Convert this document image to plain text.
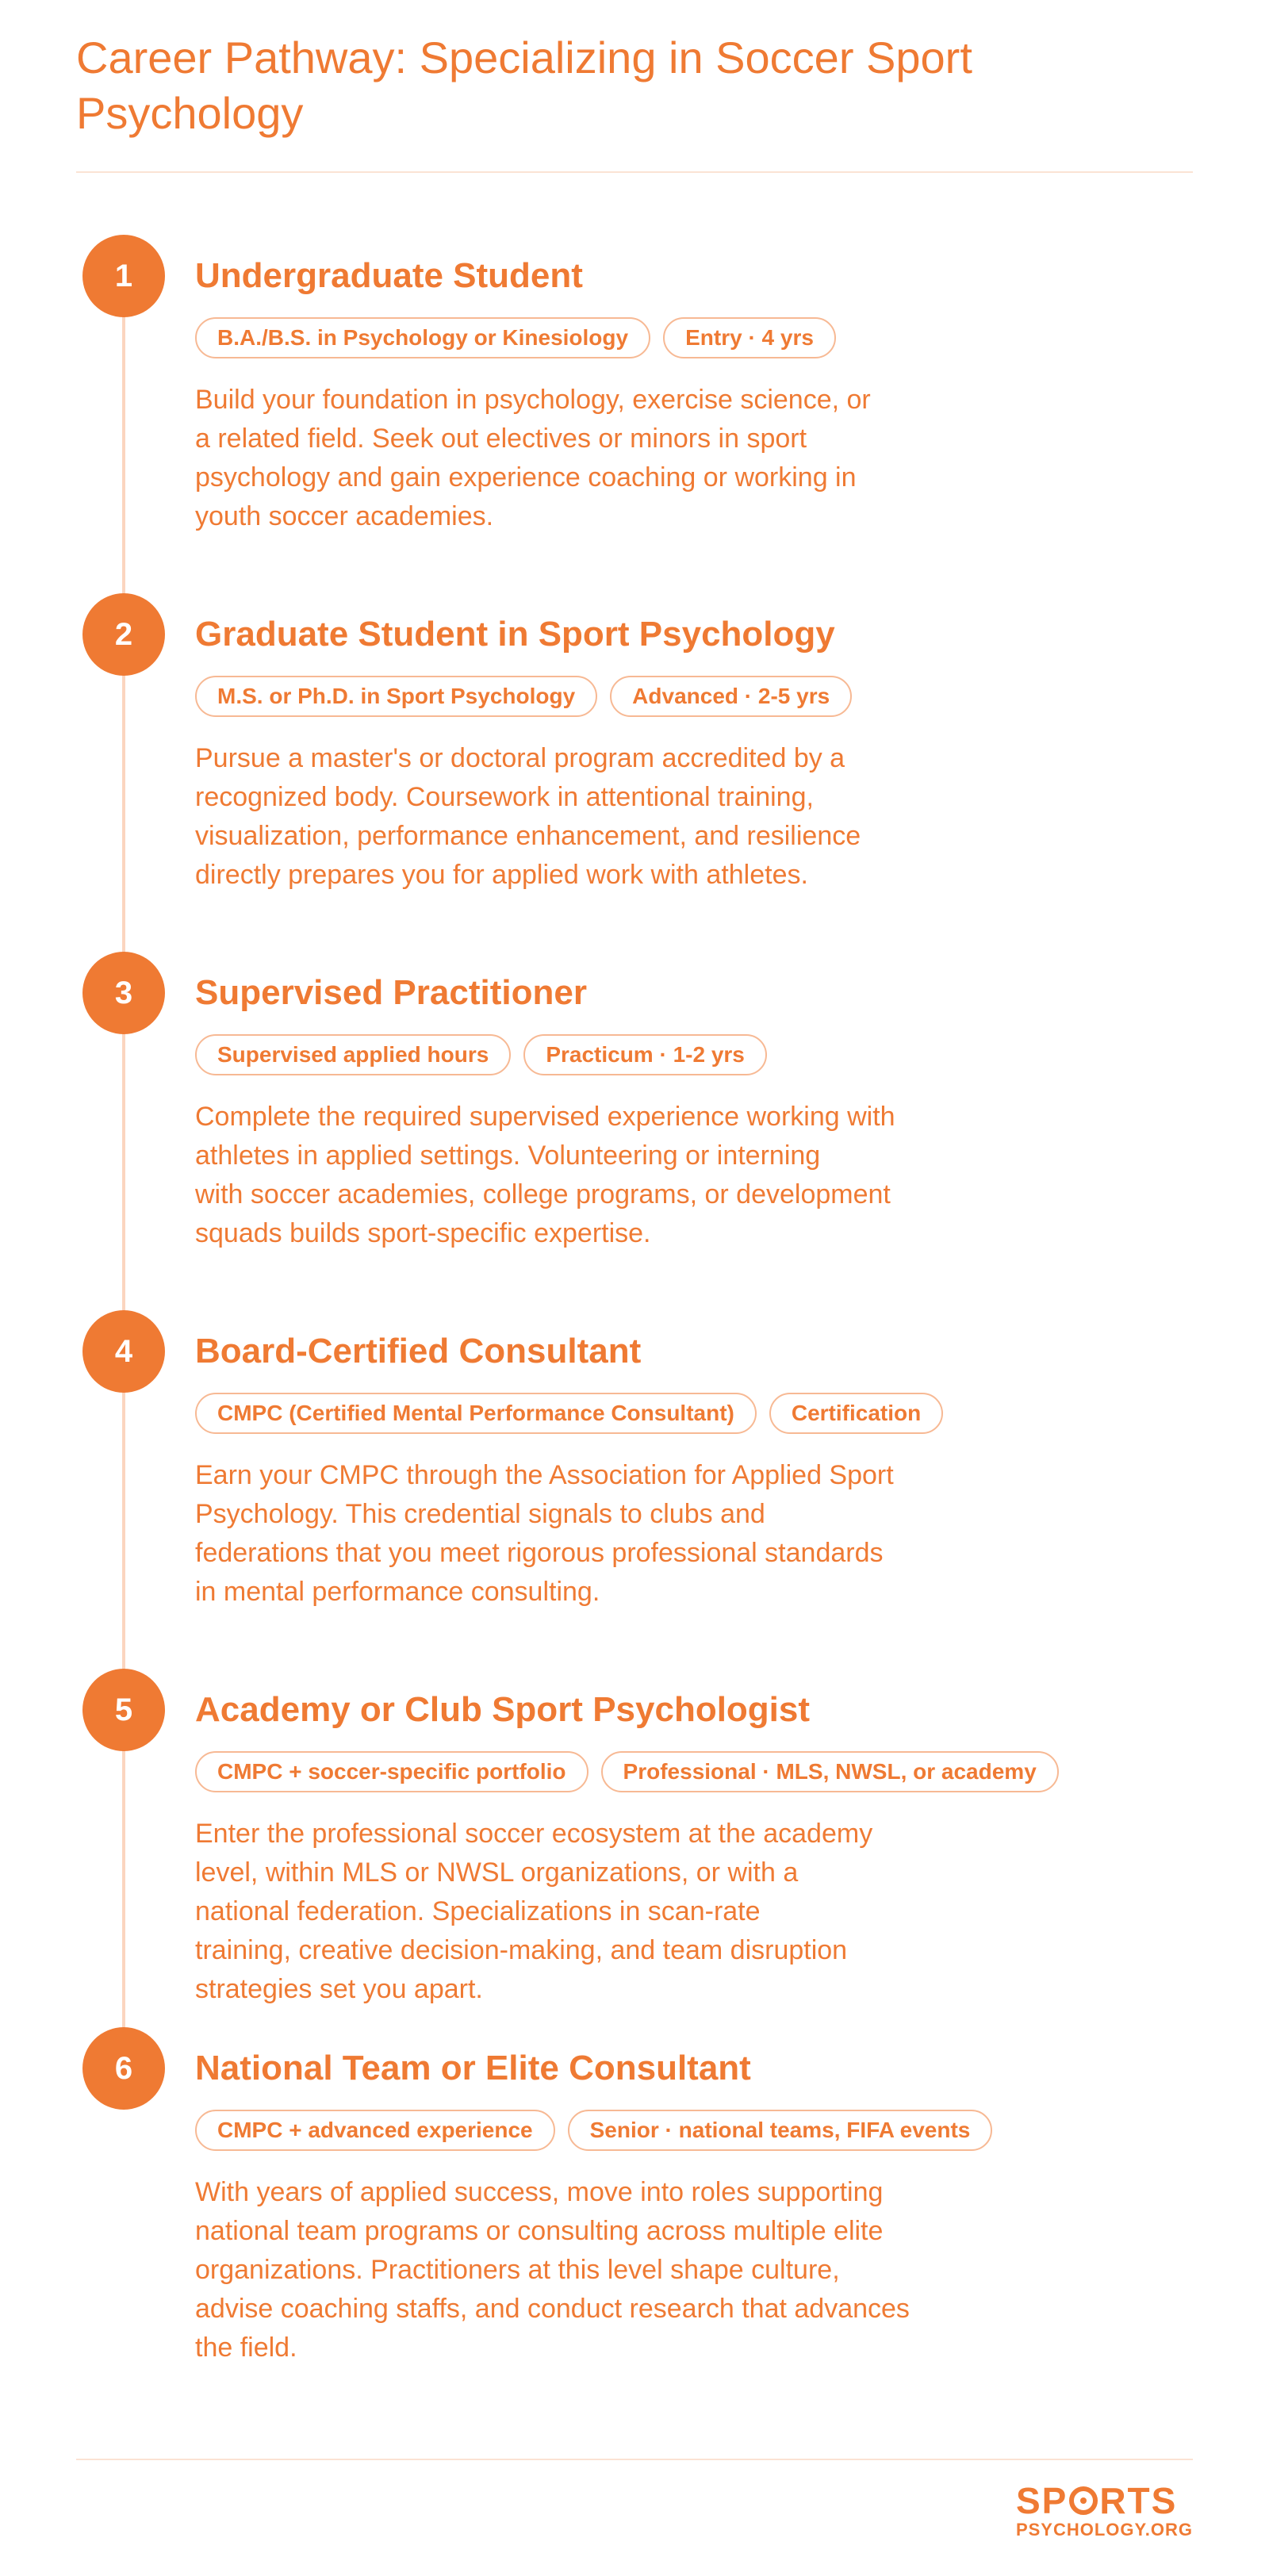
Career Pathway: Specializing in Soccer Sport Psychology
1	Undergraduate Student
B.A./B.S. in Psychology or Kinesiology	Entry · 4 yrs
Build your foundation in psychology, exercise science, or
a related field. Seek out electives or minors in sport
psychology and gain experience coaching or working in
youth soccer academies.
2	Graduate Student in Sport Psychology
M.S. or Ph.D. in Sport Psychology	Advanced · 2-5 yrs
Pursue a master's or doctoral program accredited by a
recognized body. Coursework in attentional training,
visualization, performance enhancement, and resilience
directly prepares you for applied work with athletes.
3	Supervised Practitioner
Supervised applied hours	Practicum · 1-2 yrs
Complete the required supervised experience working with
athletes in applied settings. Volunteering or interning
with soccer academies, college programs, or development
squads builds sport-specific expertise.
4	Board-Certified Consultant
CMPC (Certified Mental Performance Consultant)	Certification
Earn your CMPC through the Association for Applied Sport
Psychology. This credential signals to clubs and
federations that you meet rigorous professional standards
in mental performance consulting.
5	Academy or Club Sport Psychologist
CMPC + soccer-specific portfolio	Professional · MLS, NWSL, or academy
Enter the professional soccer ecosystem at the academy
level, within MLS or NWSL organizations, or with a
national federation. Specializations in scan-rate
training, creative decision-making, and team disruption
strategies set you apart.
6	National Team or Elite Consultant
CMPC + advanced experience	Senior · national teams, FIFA events
With years of applied success, move into roles supporting
national team programs or consulting across multiple elite
organizations. Practitioners at this level shape culture,
advise coaching staffs, and conduct research that advances
the field.
SP RTS
PSYCHOLOGY.ORG
